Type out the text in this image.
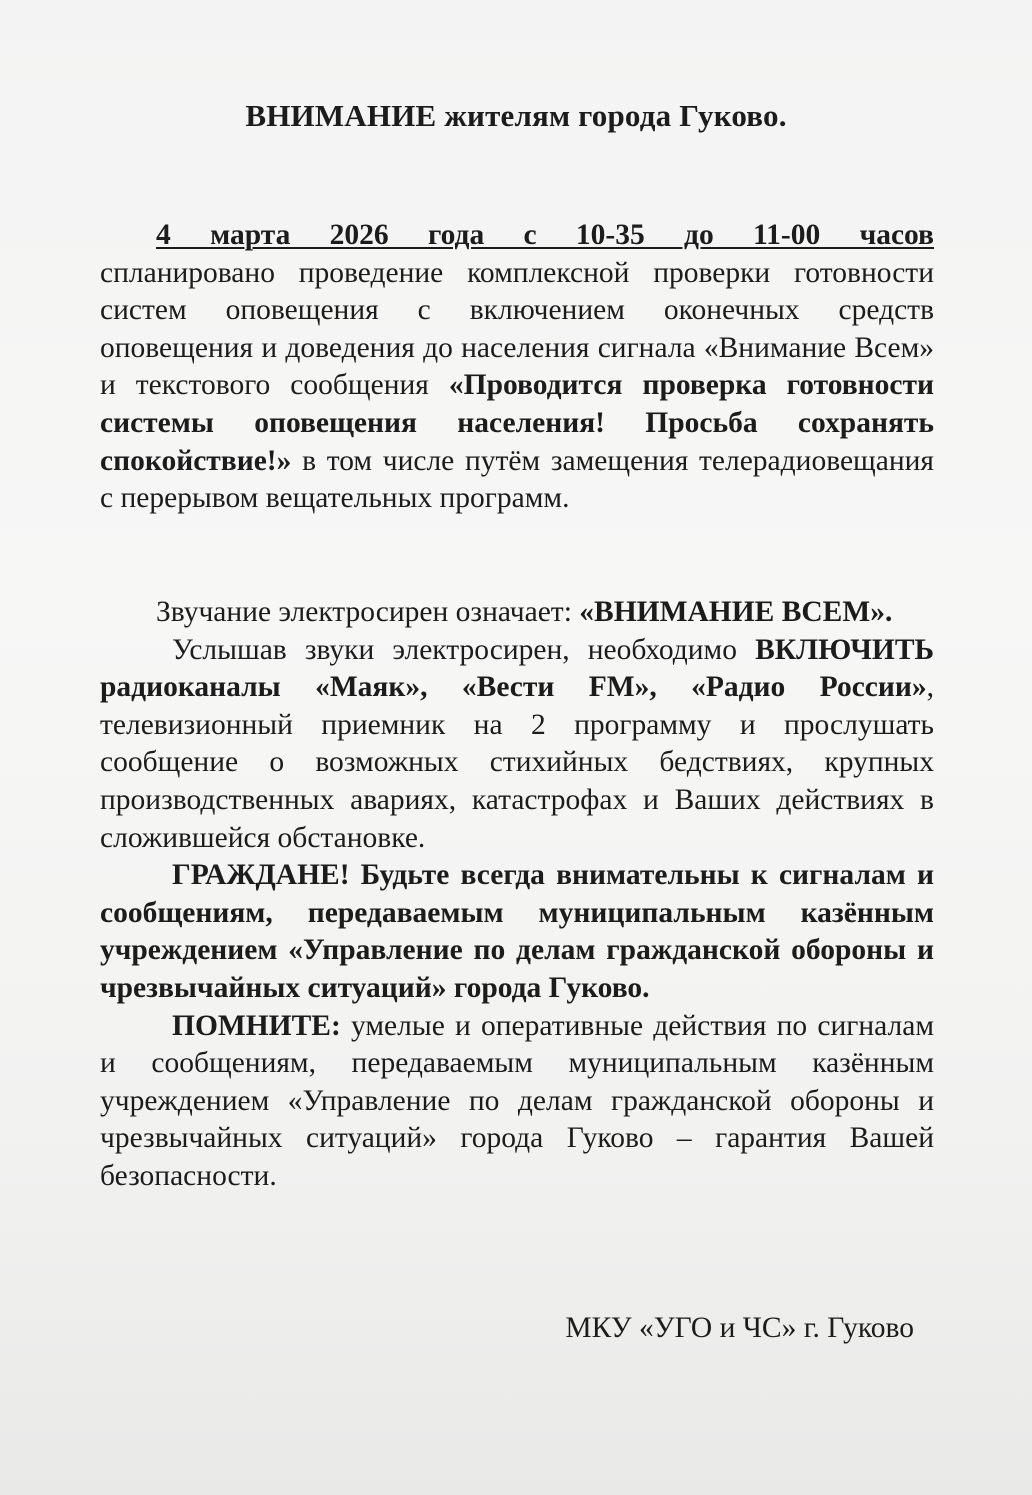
ВНИМАНИЕ жителям города Гуково.

4 марта 2026 года с 10-35 до 11-00 часов
спланировано проведение комплексной проверки готовности систем оповещения с включением оконечных средств оповещения и доведения до населения сигнала «Внимание Всем» и текстового сообщения «Проводится проверка готовности системы оповещения населения! Просьба сохранять спокойствие!» в том числе путём замещения телерадиовещания с перерывом вещательных программ.

Звучание электросирен означает: «ВНИМАНИЕ ВСЕМ».

Услышав звуки электросирен, необходимо ВКЛЮЧИТЬ радиоканалы «Маяк», «Вести FM», «Радио России», телевизионный приемник на 2 программу и прослушать сообщение о возможных стихийных бедствиях, крупных производственных авариях, катастрофах и Ваших действиях в сложившейся обстановке.

ГРАЖДАНЕ! Будьте всегда внимательны к сигналам и сообщениям, передаваемым муниципальным казённым учреждением «Управление по делам гражданской обороны и чрезвычайных ситуаций» города Гуково.

ПОМНИТЕ: умелые и оперативные действия по сигналам и сообщениям, передаваемым муниципальным казённым учреждением «Управление по делам гражданской обороны и чрезвычайных ситуаций» города Гуково – гарантия Вашей безопасности.

МКУ «УГО и ЧС» г. Гуково
